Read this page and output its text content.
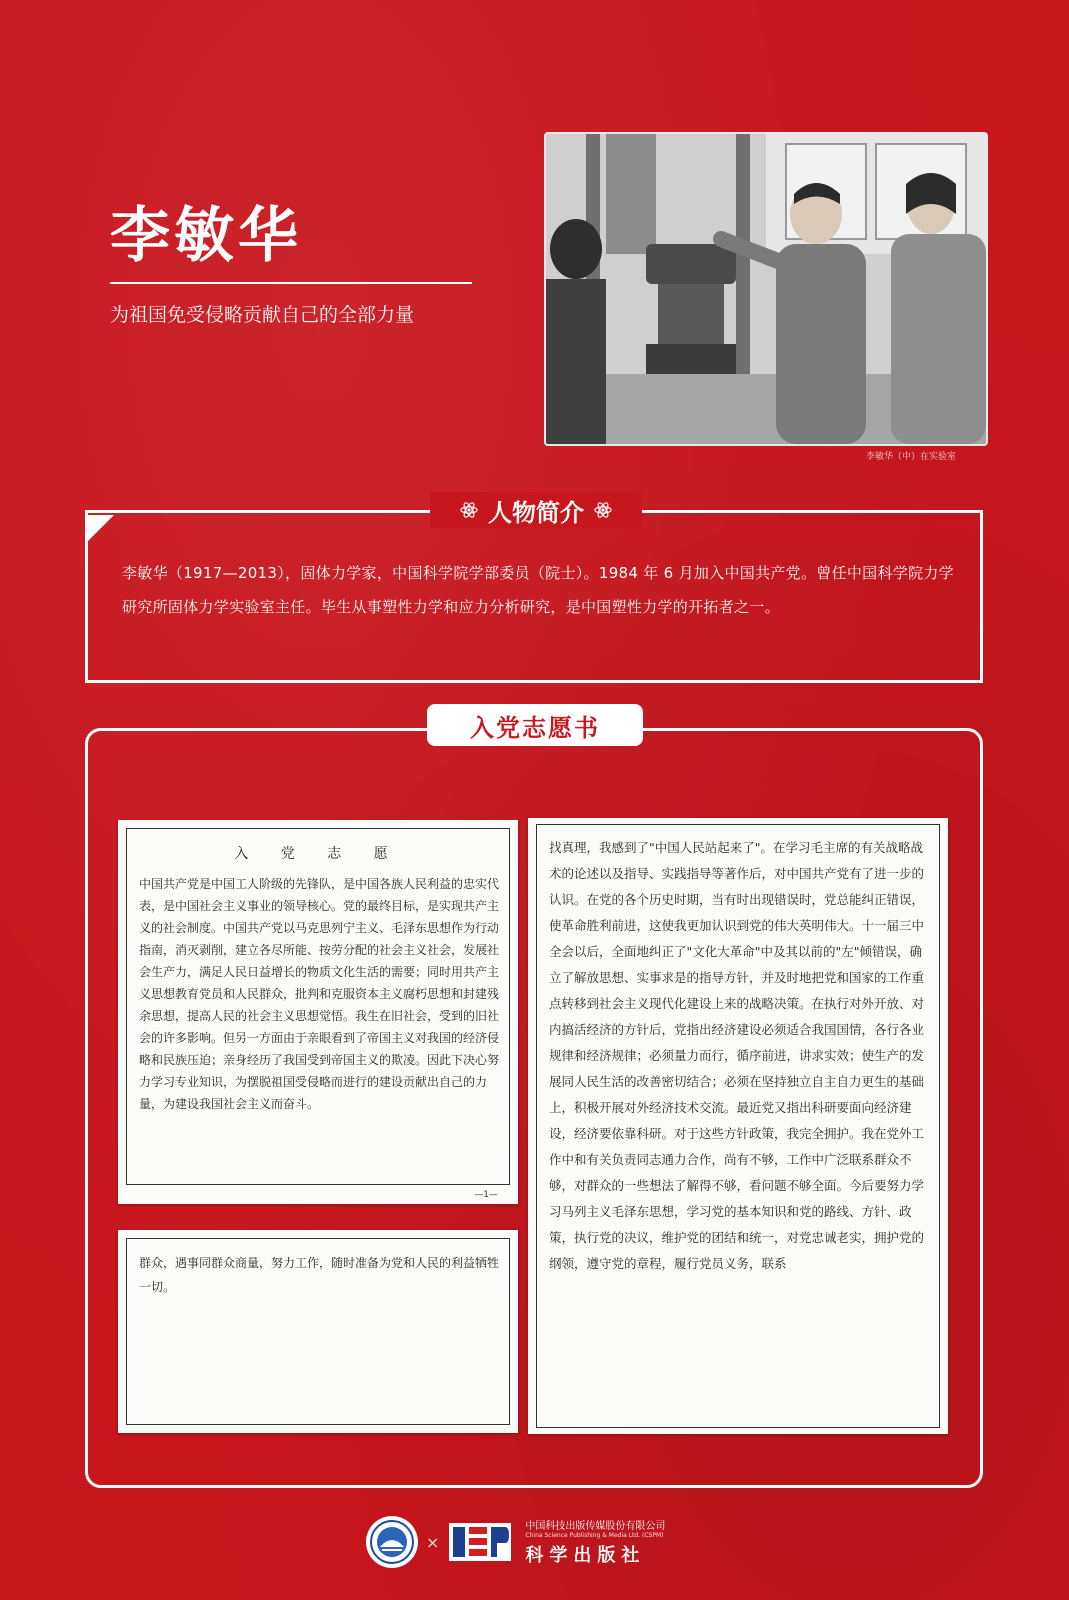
李敏华
为祖国免受侵略贡献自己的全部力量
李敏华（中）在实验室
人物简介
李敏华（1917—2013），固体力学家，中国科学院学部委员（院士）。1984 年 6 月加入中国共产党。曾任中国科学院力学研究所固体力学实验室主任。毕生从事塑性力学和应力分析研究，是中国塑性力学的开拓者之一。
入党志愿书
入 党 志 愿
中国共产党是中国工人阶级的先锋队，是中国各族人民利益的忠实代表，是中国社会主义事业的领导核心。党的最终目标，是实现共产主义的社会制度。中国共产党以马克思列宁主义、毛泽东思想作为行动指南，消灭剥削，建立各尽所能、按劳分配的社会主义社会，发展社会生产力，满足人民日益增长的物质文化生活的需要；同时用共产主义思想教育党员和人民群众，批判和克服资本主义腐朽思想和封建残余思想，提高人民的社会主义思想觉悟。我生在旧社会，受到的旧社会的许多影响。但另一方面由于亲眼看到了帝国主义对我国的经济侵略和民族压迫；亲身经历了我国受到帝国主义的欺凌。因此下决心努力学习专业知识，为摆脱祖国受侵略而进行的建设贡献出自己的力量，为建设我国社会主义而奋斗。
—1—
群众，遇事同群众商量，努力工作，随时准备为党和人民的利益牺牲一切。
找真理，我感到了"中国人民站起来了"。在学习毛主席的有关战略战术的论述以及指导、实践指导等著作后，对中国共产党有了进一步的认识。在党的各个历史时期，当有时出现错误时，党总能纠正错误，使革命胜利前进，这使我更加认识到党的伟大英明伟大。十一届三中全会以后，全面地纠正了"文化大革命"中及其以前的"左"倾错误，确立了解放思想、实事求是的指导方针，并及时地把党和国家的工作重点转移到社会主义现代化建设上来的战略决策。在执行对外开放、对内搞活经济的方针后，党指出经济建设必须适合我国国情，各行各业规律和经济规律；必须量力而行，循序前进，讲求实效；使生产的发展同人民生活的改善密切结合；必须在坚持独立自主自力更生的基础上，积极开展对外经济技术交流。最近党又指出科研要面向经济建设，经济要依靠科研。对于这些方针政策，我完全拥护。我在党外工作中和有关负责同志通力合作，尚有不够，工作中广泛联系群众不够，对群众的一些想法了解得不够，看问题不够全面。今后要努力学习马列主义毛泽东思想，学习党的基本知识和党的路线、方针、政策，执行党的决议，维护党的团结和统一，对党忠诚老实，拥护党的纲领，遵守党的章程，履行党员义务，联系
×
中国科技出版传媒股份有限公司
China Science Publishing & Media Ltd. (CSPM)
科学出版社
